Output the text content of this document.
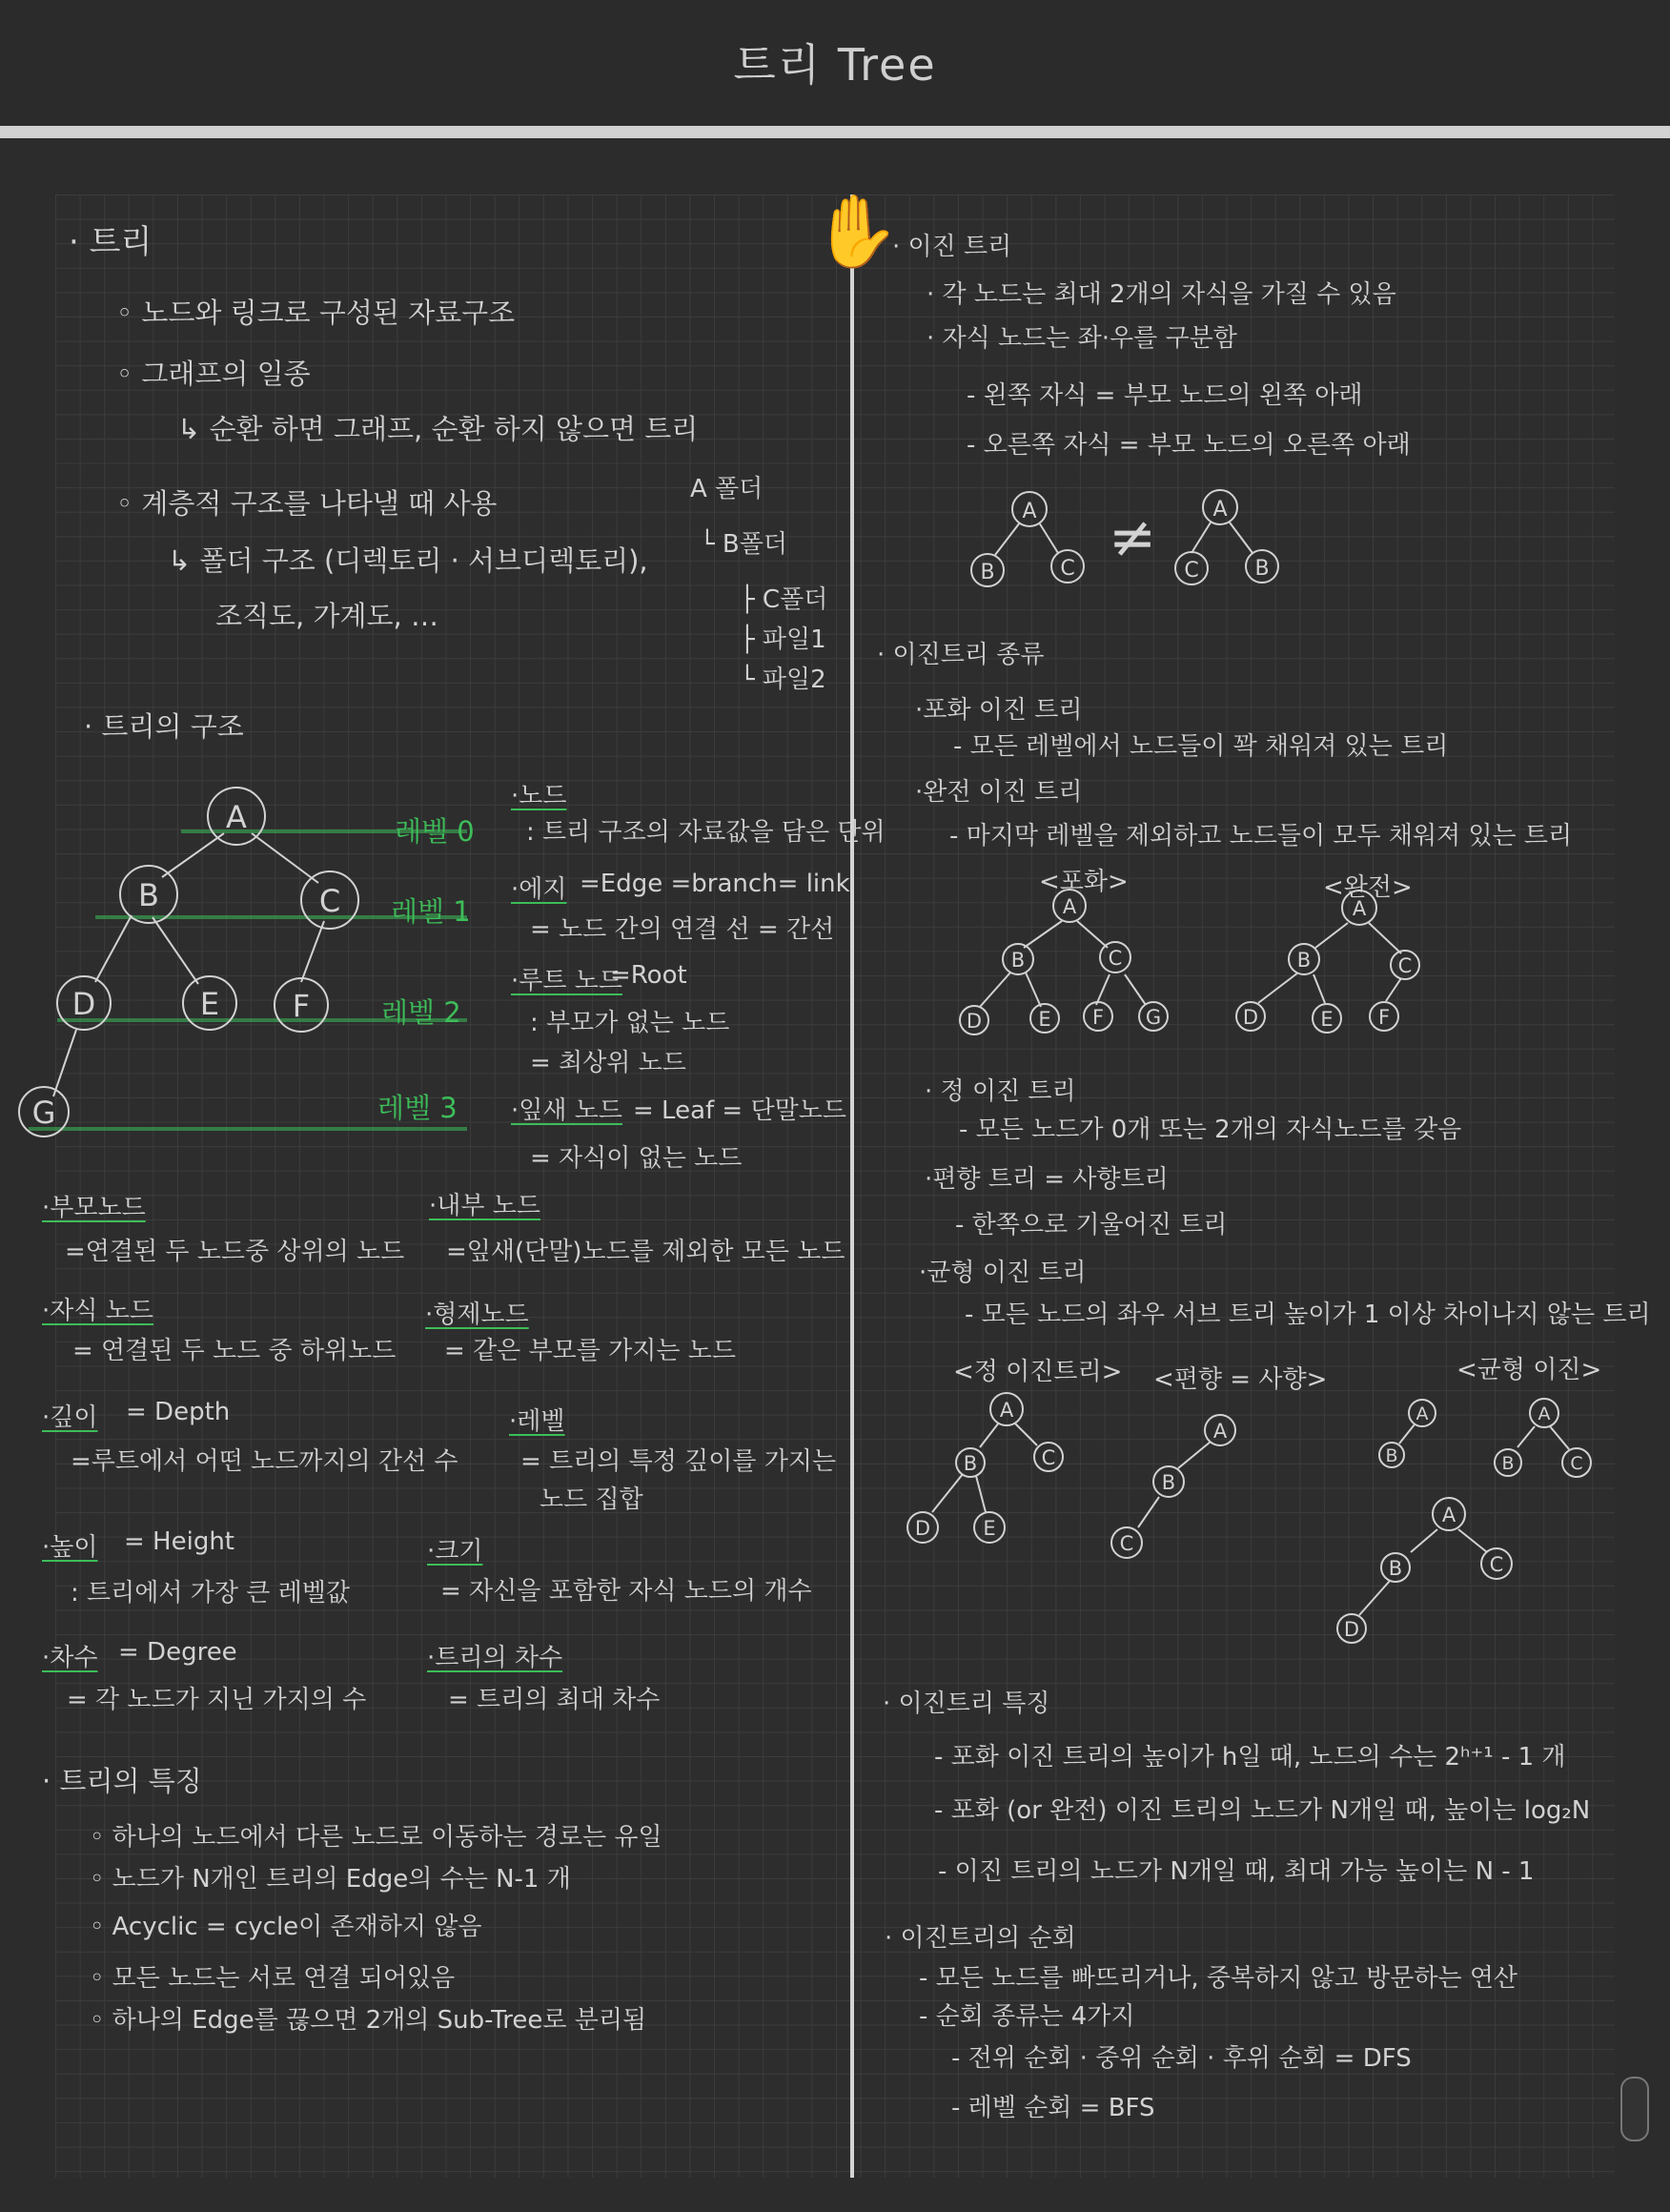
트리 Tree
· 트리
◦ 노드와 링크로 구성된 자료구조
◦ 그래프의 일종
↳ 순환 하면 그래프, 순환 하지 않으면 트리
◦ 계층적 구조를 나타낼 때 사용
↳ 폴더 구조 (디렉토리 · 서브디렉토리),
조직도, 가계도, …
A 폴더
└ B폴더
├ C폴더
├ 파일1
└ 파일2
· 트리의 구조
레벨 0
레벨 1
레벨 2
레벨 3
·노드
: 트리 구조의 자료값을 담은 단위
·에지 =Edge =branch= link
= 노드 간의 연결 선 = 간선
·루트 노드
=Root
: 부모가 없는 노드
= 최상위 노드
·잎새 노드 = Leaf = 단말노드
= 자식이 없는 노드
·부모노드
=연결된 두 노드중 상위의 노드
·내부 노드
=잎새(단말)노드를 제외한 모든 노드
·자식 노드
= 연결된 두 노드 중 하위노드
·형제노드
= 같은 부모를 가지는 노드
·깊이 = Depth
=루트에서 어떤 노드까지의 간선 수
·레벨
= 트리의 특정 깊이를 가지는
노드 집합
·높이 = Height
: 트리에서 가장 큰 레벨값
·크기
= 자신을 포함한 자식 노드의 개수
·차수 = Degree
= 각 노드가 지닌 가지의 수
·트리의 차수
= 트리의 최대 차수
· 트리의 특징
◦ 하나의 노드에서 다른 노드로 이동하는 경로는 유일
◦ 노드가 N개인 트리의 Edge의 수는 N-1 개
◦ Acyclic = cycle이 존재하지 않음
◦ 모든 노드는 서로 연결 되어있음
◦ 하나의 Edge를 끊으면 2개의 Sub-Tree로 분리됨
· 이진 트리
· 각 노드는 최대 2개의 자식을 가질 수 있음
· 자식 노드는 좌·우를 구분함
- 왼쪽 자식 = 부모 노드의 왼쪽 아래
- 오른쪽 자식 = 부모 노드의 오른쪽 아래
· 이진트리 종류
·포화 이진 트리
- 모든 레벨에서 노드들이 꽉 채워져 있는 트리
·완전 이진 트리
- 마지막 레벨을 제외하고 노드들이 모두 채워져 있는 트리
<포화>	<완전>
· 정 이진 트리
- 모든 노드가 0개 또는 2개의 자식노드를 갖음
·편향 트리 = 사향트리
- 한쪽으로 기울어진 트리
·균형 이진 트리
- 모든 노드의 좌우 서브 트리 높이가 1 이상 차이나지 않는 트리
<정 이진트리> <편향 = 사향>	<균형 이진>
· 이진트리 특징
- 포화 이진 트리의 높이가 h일 때, 노드의 수는 2ʰ⁺¹ - 1 개
- 포화 (or 완전) 이진 트리의 노드가 N개일 때, 높이는 log₂N
- 이진 트리의 노드가 N개일 때, 최대 가능 높이는 N - 1
· 이진트리의 순회
- 모든 노드를 빠뜨리거나, 중복하지 않고 방문하는 연산
- 순회 종류는 4가지
- 전위 순회 · 중위 순회 · 후위 순회 = DFS
- 레벨 순회 = BFS
A
B	C
D	E F
G
A
B	C
A
C	B
≠
A
B	C
D	E F G
A
B	C
D	E F
A
B	C
D	E
A
B
C
A
B
A
B	C
A
B	C
D
✋
